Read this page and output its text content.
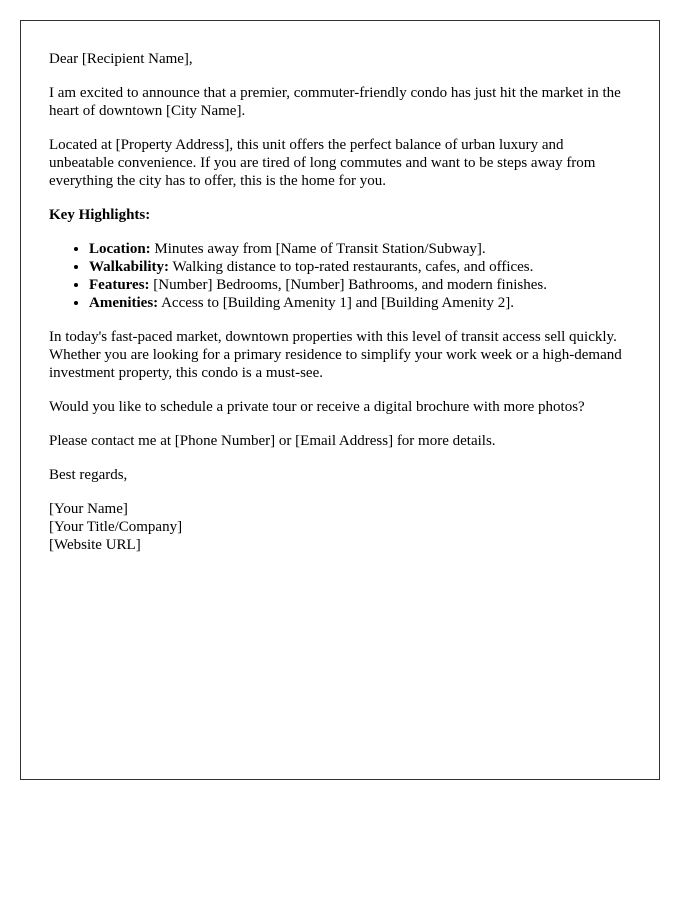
Dear [Recipient Name],

I am excited to announce that a premier, commuter-friendly condo has just hit the market in the heart of downtown [City Name].

Located at [Property Address], this unit offers the perfect balance of urban luxury and unbeatable convenience. If you are tired of long commutes and want to be steps away from everything the city has to offer, this is the home for you.

Key Highlights:

• Location: Minutes away from [Name of Transit Station/Subway].
• Walkability: Walking distance to top-rated restaurants, cafes, and offices.
• Features: [Number] Bedrooms, [Number] Bathrooms, and modern finishes.
• Amenities: Access to [Building Amenity 1] and [Building Amenity 2].

In today's fast-paced market, downtown properties with this level of transit access sell quickly. Whether you are looking for a primary residence to simplify your work week or a high-demand investment property, this condo is a must-see.

Would you like to schedule a private tour or receive a digital brochure with more photos?

Please contact me at [Phone Number] or [Email Address] for more details.

Best regards,

[Your Name]
[Your Title/Company]
[Website URL]
